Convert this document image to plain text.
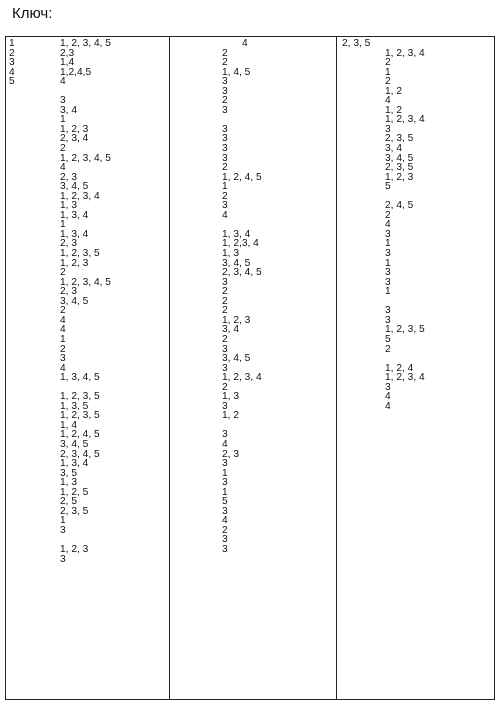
Ключ:
1
2
3
4
5
1, 2, 3, 4, 5
2,3
1,4
1,2,4,5
4
3
3, 4
1
1, 2, 3
2, 3, 4
2
1, 2, 3, 4, 5
4
2, 3
3, 4, 5
1, 2, 3, 4
1, 3
1, 3, 4
1
1, 3, 4
2, 3
1, 2, 3, 5
1, 2, 3
2
1, 2, 3, 4, 5
2, 3
3, 4, 5
2
4
4
1
2
3
4
1, 3, 4, 5
1, 2, 3, 5
1, 3, 5
1, 2, 3, 5
1, 4
1, 2, 4, 5
3, 4, 5
2, 3, 4, 5
1, 3, 4
3, 5
1, 3
1, 2, 5
2, 5
2, 3, 5
1
3
1, 2, 3
3
4
2
2
1, 4, 5
3
3
2
3
3
3
3
3
2
1, 2, 4, 5
1
2
3
4
1, 3, 4
1, 2,3, 4
1, 3
3, 4, 5
2, 3, 4, 5
3
2
2
2
1, 2, 3
3, 4
2
3
3, 4, 5
3
1, 2, 3, 4
2
1, 3
3
1, 2
3
4
2, 3
3
1
3
1
5
3
4
2
3
3
2, 3, 5
1, 2, 3, 4
2
1
2
1, 2
4
1, 2
1, 2, 3, 4
3
2, 3, 5
3, 4
3, 4, 5
2, 3, 5
1, 2, 3
5
2, 4, 5
2
4
3
1
3
1
3
3
1
3
3
1, 2, 3, 5
5
2
1, 2, 4
1, 2, 3, 4
3
4
4
